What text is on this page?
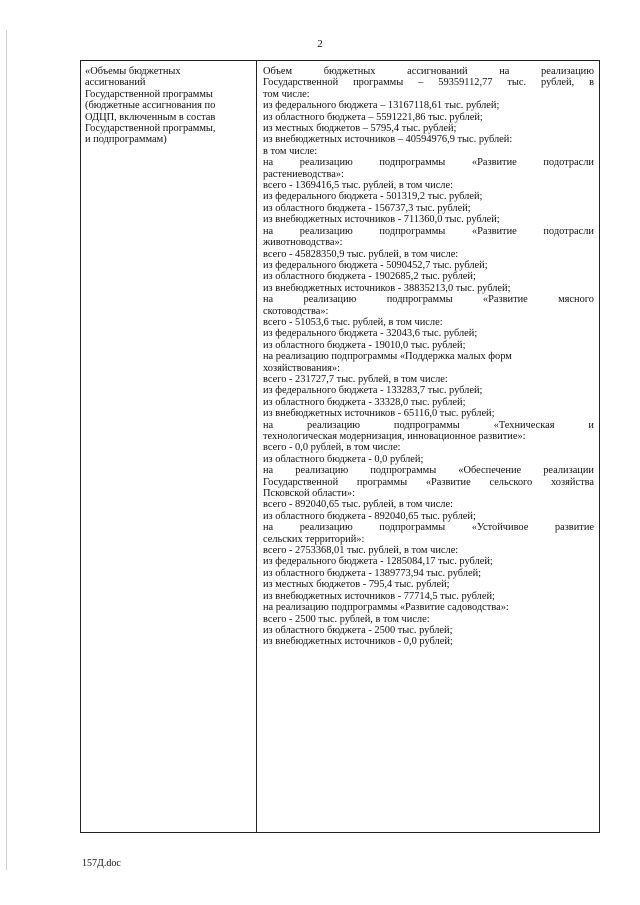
2
«Объемы бюджетных
ассигнований
Государственной программы
(бюджетные ассигнования по
ОДЦП, включенным в состав
Государственной программы,
и подпрограммам)
Объем бюджетных ассигнований на реализацию
Государственной программы – 59359112,77 тыс. рублей, в
том числе:
из федерального бюджета – 13167118,61 тыс. рублей;
из областного бюджета – 5591221,86 тыс. рублей;
из местных бюджетов – 5795,4 тыс. рублей;
из внебюджетных источников – 40594976,9 тыс. рублей:
в том числе:
на реализацию подпрограммы «Развитие подотрасли
растениеводства»:
всего - 1369416,5 тыс. рублей, в том числе:
из федерального бюджета - 501319,2 тыс. рублей;
из областного бюджета - 156737,3 тыс. рублей;
из внебюджетных источников - 711360,0 тыс. рублей;
на реализацию подпрограммы «Развитие подотрасли
животноводства»:
всего - 45828350,9 тыс. рублей, в том числе:
из федерального бюджета - 5090452,7 тыс. рублей;
из областного бюджета - 1902685,2 тыс. рублей;
из внебюджетных источников - 38835213,0 тыс. рублей;
на реализацию подпрограммы «Развитие мясного
скотоводства»:
всего - 51053,6 тыс. рублей, в том числе:
из федерального бюджета - 32043,6 тыс. рублей;
из областного бюджета - 19010,0 тыс. рублей;
на реализацию подпрограммы «Поддержка малых форм
хозяйствования»:
всего - 231727,7 тыс. рублей, в том числе:
из федерального бюджета - 133283,7 тыс. рублей;
из областного бюджета - 33328,0 тыс. рублей;
из внебюджетных источников - 65116,0 тыс. рублей;
на реализацию подпрограммы «Техническая и
технологическая модернизация, инновационное развитие»:
всего - 0,0 рублей, в том числе:
из областного бюджета - 0,0 рублей;
на реализацию подпрограммы «Обеспечение реализации
Государственной программы «Развитие сельского хозяйства
Псковской области»:
всего - 892040,65 тыс. рублей, в том числе:
из областного бюджета - 892040,65 тыс. рублей;
на реализацию подпрограммы «Устойчивое развитие
сельских территорий»:
всего - 2753368,01 тыс. рублей, в том числе:
из федерального бюджета - 1285084,17 тыс. рублей;
из областного бюджета - 1389773,94 тыс. рублей;
из местных бюджетов - 795,4 тыс. рублей;
из внебюджетных источников - 77714,5 тыс. рублей;
на реализацию подпрограммы «Развитие садоводства»:
всего - 2500 тыс. рублей, в том числе:
из областного бюджета - 2500 тыс. рублей;
из внебюджетных источников - 0,0 рублей;
157Д.doc
